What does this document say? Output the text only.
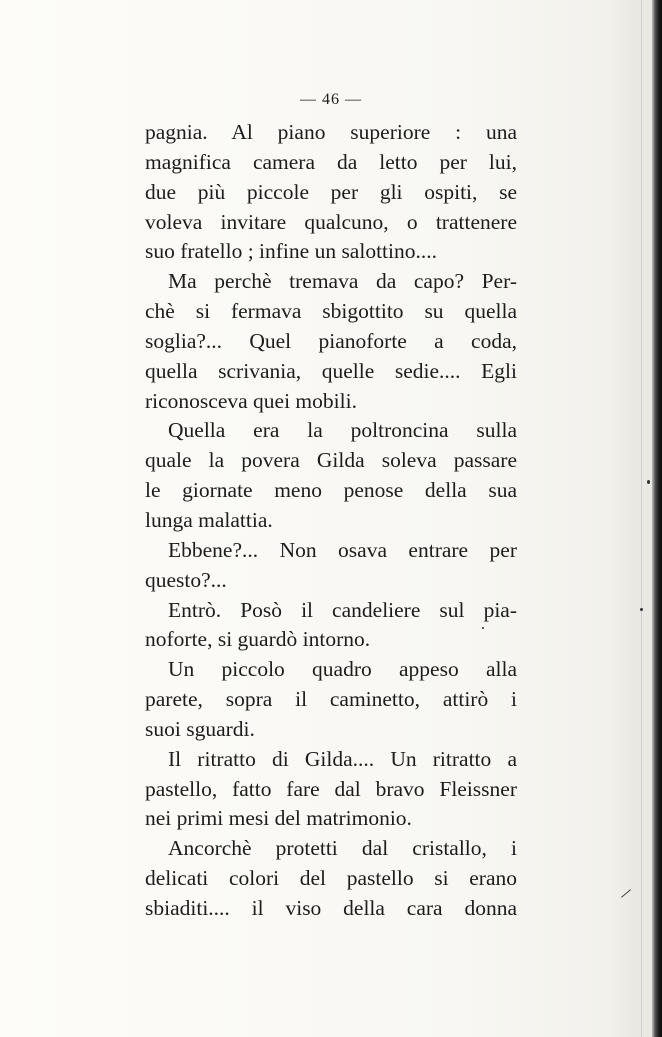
— 46 —
pagnia. Al piano superiore : una
magnifica camera da letto per lui,
due più piccole per gli ospiti, se
voleva invitare qualcuno, o trattenere
suo fratello ; infine un salottino....
Ma perchè tremava da capo? Per-
chè si fermava sbigottito su quella
soglia?... Quel pianoforte a coda,
quella scrivania, quelle sedie.... Egli
riconosceva quei mobili.
Quella era la poltroncina sulla
quale la povera Gilda soleva passare
le giornate meno penose della sua
lunga malattia.
Ebbene?... Non osava entrare per
questo?...
Entrò. Posò il candeliere sul pia-
noforte, si guardò intorno.
Un piccolo quadro appeso alla
parete, sopra il caminetto, attirò i
suoi sguardi.
Il ritratto di Gilda.... Un ritratto a
pastello, fatto fare dal bravo Fleissner
nei primi mesi del matrimonio.
Ancorchè protetti dal cristallo, i
delicati colori del pastello si erano
sbiaditi.... il viso della cara donna
